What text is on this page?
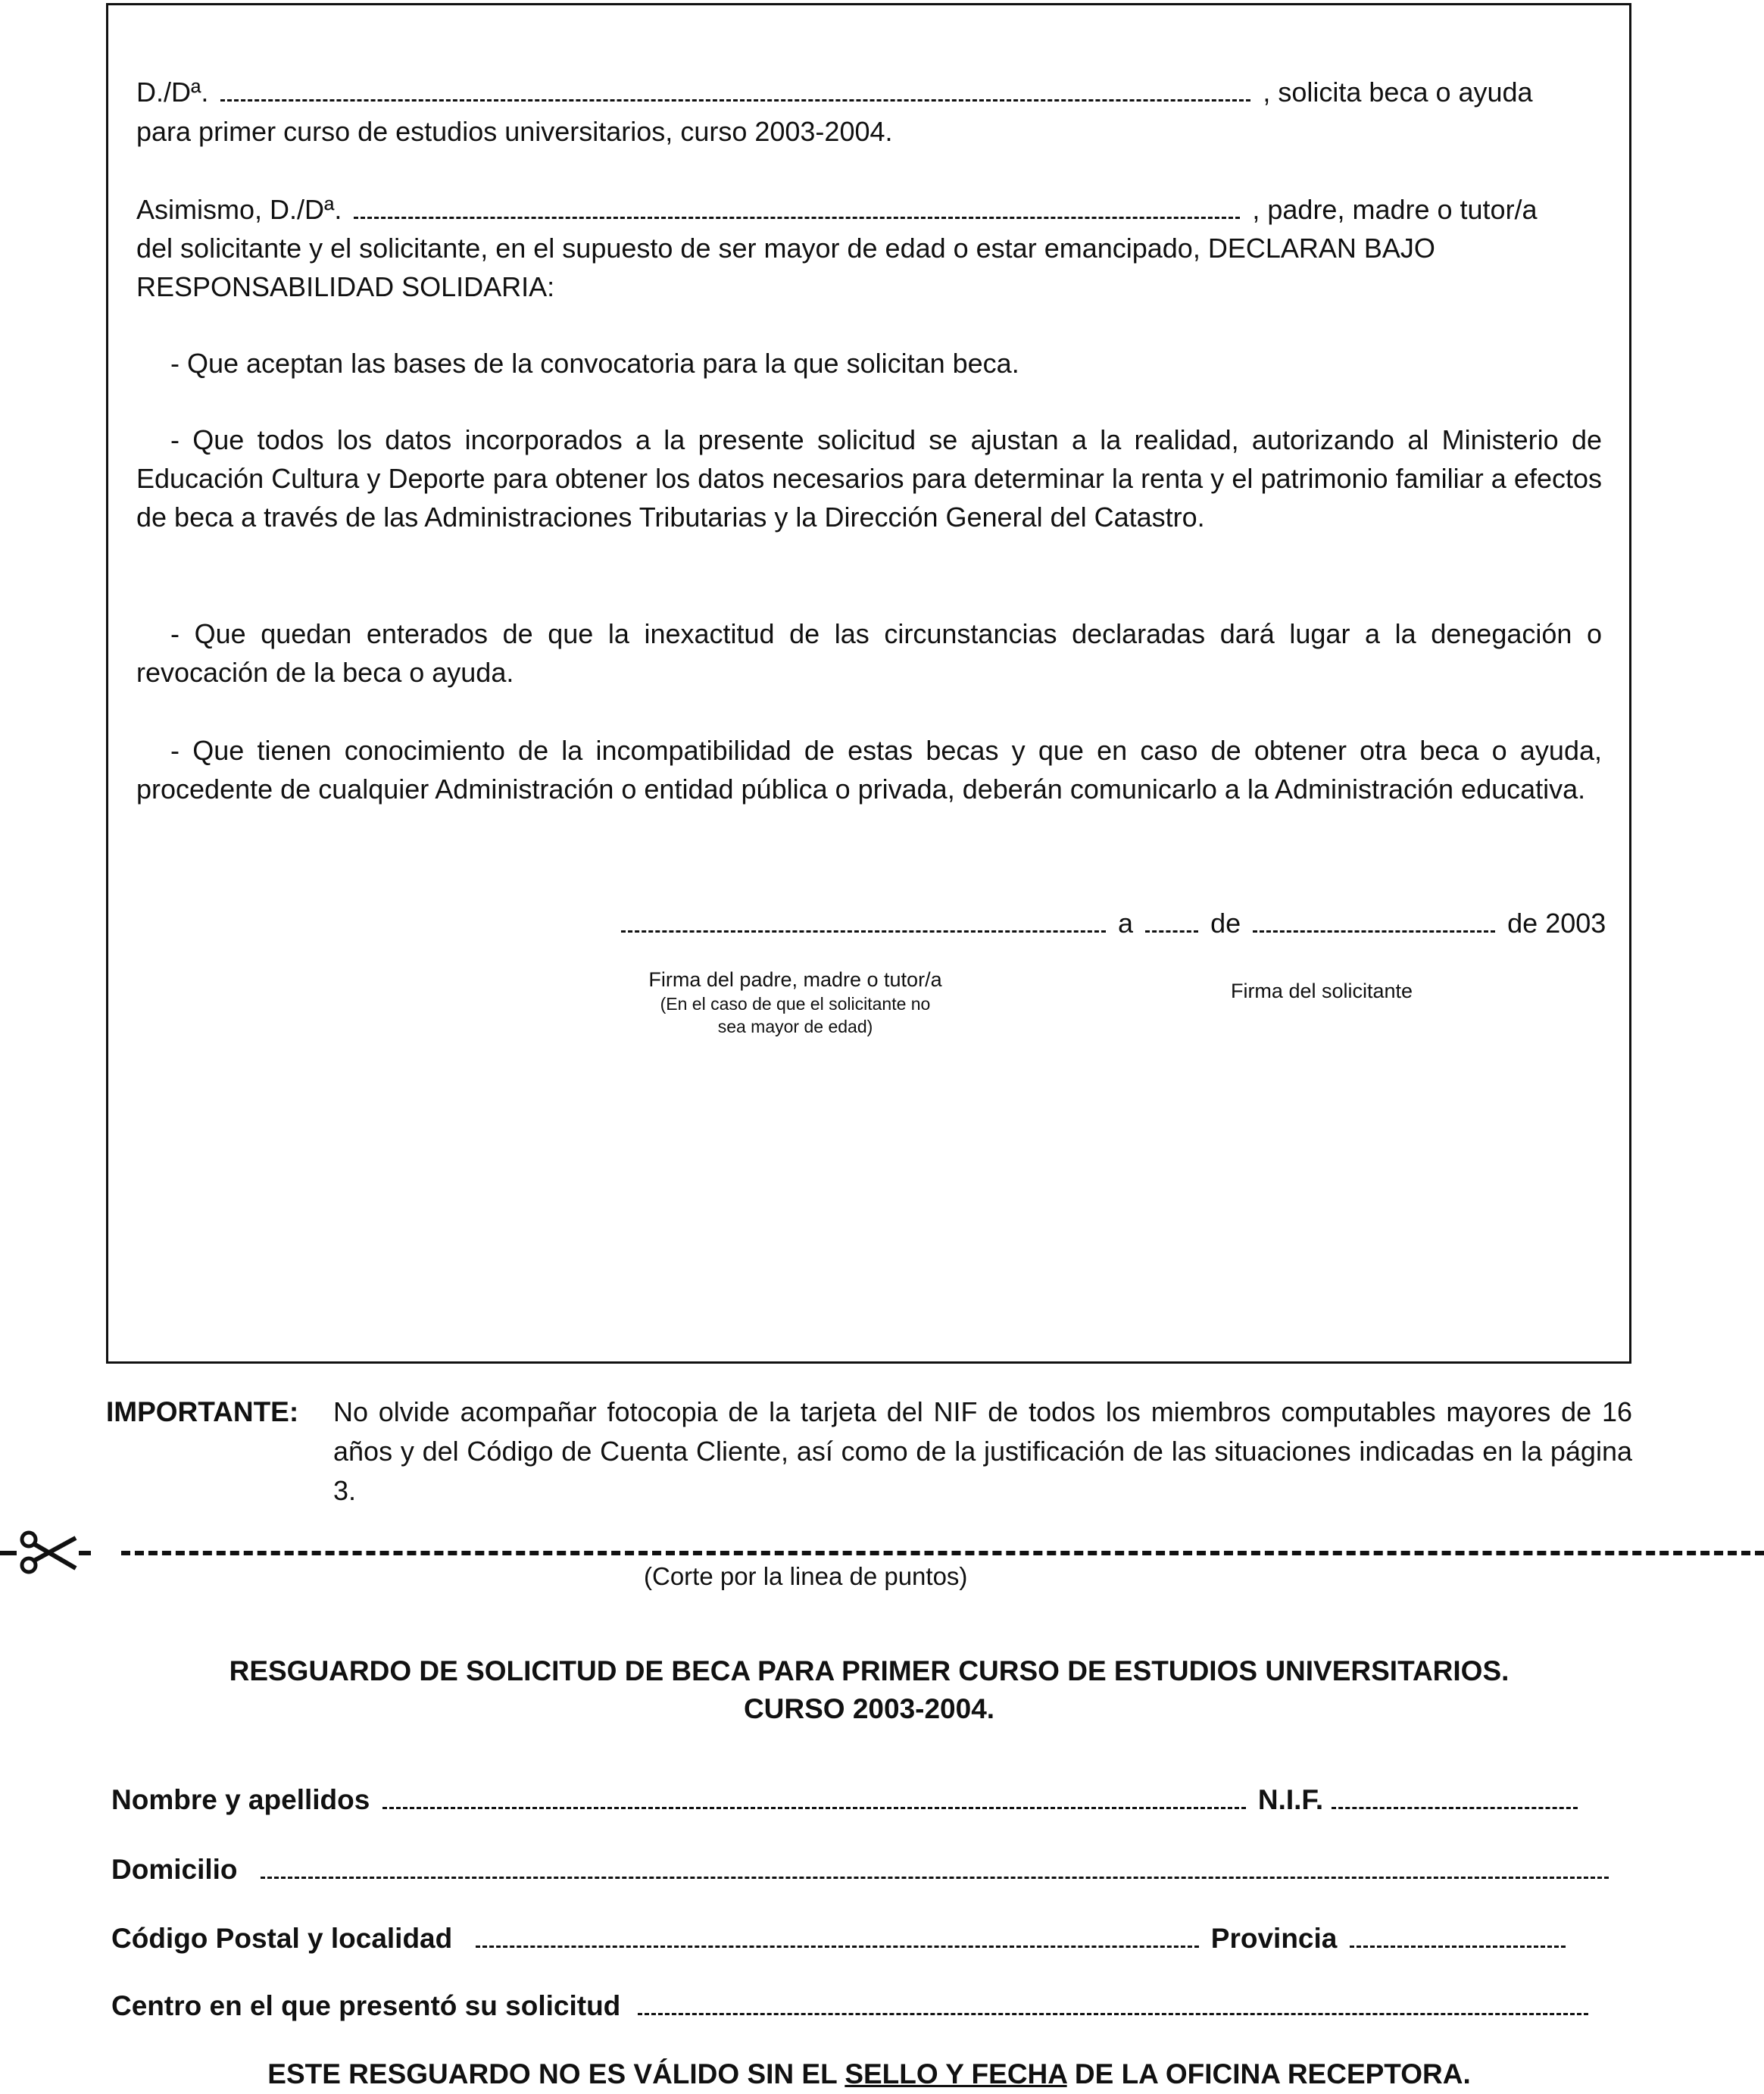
D./Dª.	, solicita beca o ayuda
para primer curso de estudios universitarios, curso 2003-2004.
Asimismo, D./Dª.	, padre, madre o tutor/a
del solicitante y el solicitante, en el supuesto de ser mayor de edad o estar emancipado, DECLARAN BAJO
RESPONSABILIDAD SOLIDARIA:
- Que aceptan las bases de la convocatoria para la que solicitan beca.
- Que todos los datos incorporados a la presente solicitud se ajustan a la realidad, autorizando al Ministerio de Educación Cultura y Deporte para obtener los datos necesarios para determinar la renta y el patrimonio familiar a efectos de beca a través de las Administraciones Tributarias y la Dirección General del Catastro.
- Que quedan enterados de que la inexactitud de las circunstancias declaradas dará lugar a la denegación o revocación de la beca o ayuda.
- Que tienen conocimiento de la incompatibilidad de estas becas y que en caso de obtener otra beca o ayuda, procedente de cualquier Administración o entidad pública o privada, deberán comunicarlo a la Administración educativa.
a	de	de 2003
Firma del padre, madre o tutor/a
(En el caso de que el solicitante no
sea mayor de edad)
Firma del solicitante
IMPORTANTE: No olvide acompañar fotocopia de la tarjeta del NIF de todos los miembros computables mayores de 16 años y del Código de Cuenta Cliente, así como de la justificación de las situaciones indicadas en la página 3.
(Corte por la linea de puntos)
RESGUARDO DE SOLICITUD DE BECA PARA PRIMER CURSO DE ESTUDIOS UNIVERSITARIOS.
CURSO 2003-2004.
Nombre y apellidos	N.I.F.
Domicilio
Código Postal y localidad	Provincia
Centro en el que presentó su solicitud
ESTE RESGUARDO NO ES VÁLIDO SIN EL SELLO Y FECHA DE LA OFICINA RECEPTORA.
